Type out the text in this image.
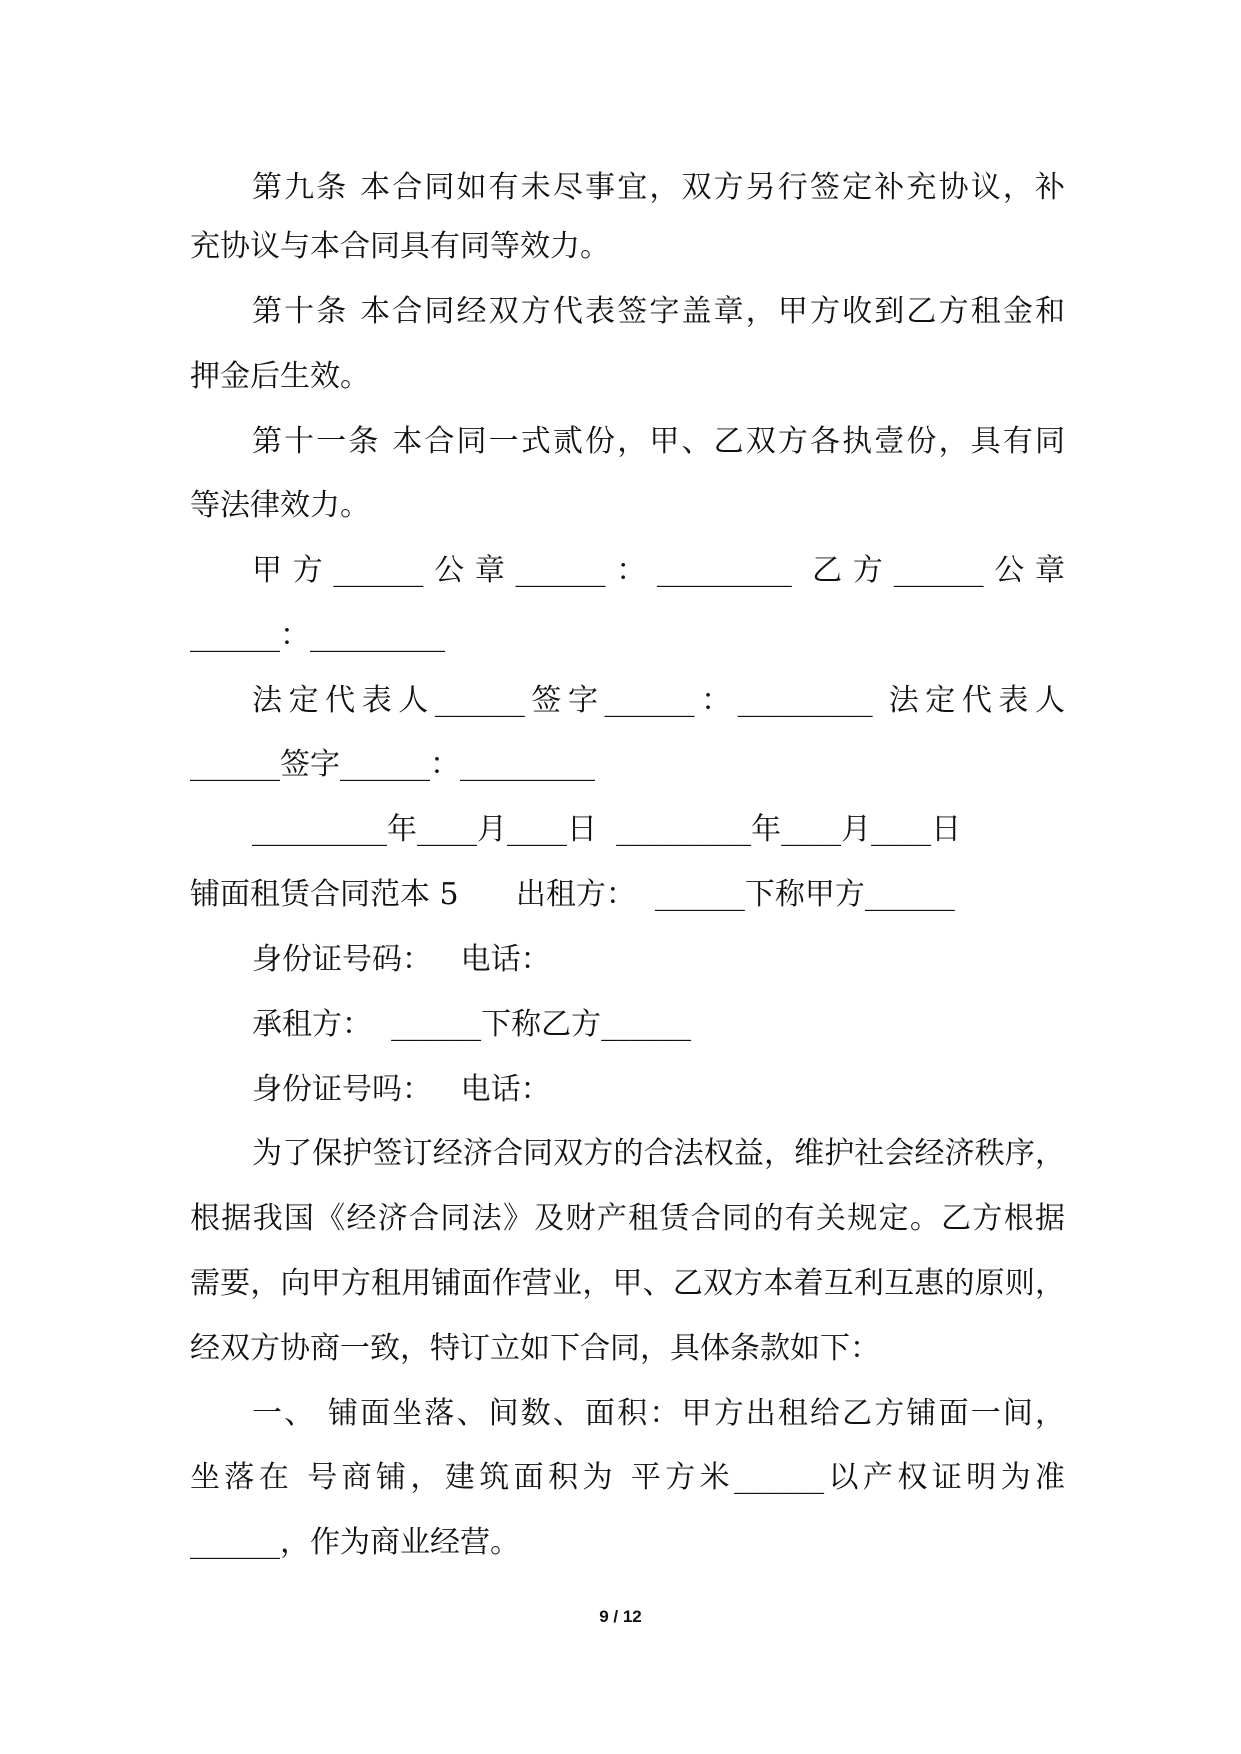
第九条 本合同如有未尽事宜，双方另行签定补充协议，补
充协议与本合同具有同等效力。
第十条 本合同经双方代表签字盖章，甲方收到乙方租金和
押金后生效。
第十一条 本合同一式贰份，甲、乙双方各执壹份，具有同
等法律效力。
甲方______公章______：_________ 乙方______公章
______：_________
法定代表人______签字______：_________ 法定代表人
______签字______：_________
_________年____月____日  _________年____月____日
铺面租赁合同范本 5      出租方：  ______下称甲方______
身份证号码：   电话：
承租方：  ______下称乙方______
身份证号吗：   电话：
为了保护签订经济合同双方的合法权益，维护社会经济秩序，
根据我国《经济合同法》及财产租赁合同的有关规定。乙方根据
需要，向甲方租用铺面作营业，甲、乙双方本着互利互惠的原则，
经双方协商一致，特订立如下合同，具体条款如下：
一、 铺面坐落、间数、面积：甲方出租给乙方铺面一间，
坐落在 号商铺，建筑面积为 平方米______以产权证明为准
______，作为商业经营。
9 / 12
